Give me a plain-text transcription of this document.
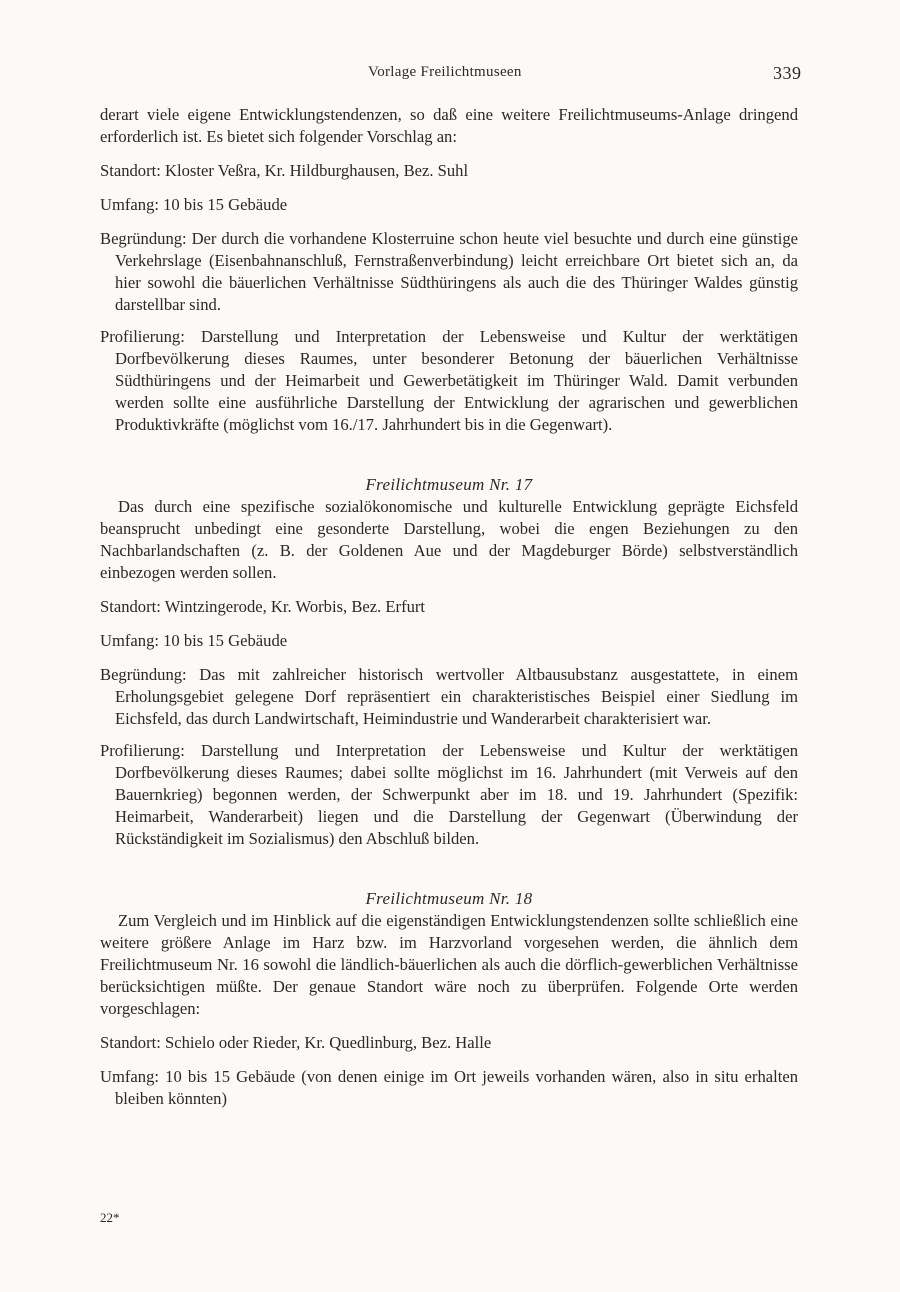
Vorlage Freilichtmuseen	339

derart viele eigene Entwicklungstendenzen, so daß eine weitere Freilichtmuseums-Anlage dringend erforderlich ist. Es bietet sich folgender Vorschlag an:

Standort: Kloster Veßra, Kr. Hildburghausen, Bez. Suhl

Umfang: 10 bis 15 Gebäude

Begründung: Der durch die vorhandene Klosterruine schon heute viel besuchte und durch eine günstige Verkehrslage (Eisenbahnanschluß, Fernstraßenverbindung) leicht erreichbare Ort bietet sich an, da hier sowohl die bäuerlichen Verhältnisse Südthüringens als auch die des Thüringer Waldes günstig darstellbar sind.

Profilierung: Darstellung und Interpretation der Lebensweise und Kultur der werktätigen Dorfbevölkerung dieses Raumes, unter besonderer Betonung der bäuerlichen Verhältnisse Südthüringens und der Heimarbeit und Gewerbetätigkeit im Thüringer Wald. Damit verbunden werden sollte eine ausführliche Darstellung der Entwicklung der agrarischen und gewerblichen Produktivkräfte (möglichst vom 16./17. Jahrhundert bis in die Gegenwart).

Freilichtmuseum Nr. 17

Das durch eine spezifische sozialökonomische und kulturelle Entwicklung geprägte Eichsfeld beansprucht unbedingt eine gesonderte Darstellung, wobei die engen Beziehungen zu den Nachbarlandschaften (z. B. der Goldenen Aue und der Magdeburger Börde) selbstverständlich einbezogen werden sollen.

Standort: Wintzingerode, Kr. Worbis, Bez. Erfurt

Umfang: 10 bis 15 Gebäude

Begründung: Das mit zahlreicher historisch wertvoller Altbausubstanz ausgestattete, in einem Erholungsgebiet gelegene Dorf repräsentiert ein charakteristisches Beispiel einer Siedlung im Eichsfeld, das durch Landwirtschaft, Heimindustrie und Wanderarbeit charakterisiert war.

Profilierung: Darstellung und Interpretation der Lebensweise und Kultur der werktätigen Dorfbevölkerung dieses Raumes; dabei sollte möglichst im 16. Jahrhundert (mit Verweis auf den Bauernkrieg) begonnen werden, der Schwerpunkt aber im 18. und 19. Jahrhundert (Spezifik: Heimarbeit, Wanderarbeit) liegen und die Darstellung der Gegenwart (Überwindung der Rückständigkeit im Sozialismus) den Abschluß bilden.

Freilichtmuseum Nr. 18

Zum Vergleich und im Hinblick auf die eigenständigen Entwicklungstendenzen sollte schließlich eine weitere größere Anlage im Harz bzw. im Harzvorland vorgesehen werden, die ähnlich dem Freilichtmuseum Nr. 16 sowohl die ländlich-bäuerlichen als auch die dörflich-gewerblichen Verhältnisse berücksichtigen müßte. Der genaue Standort wäre noch zu überprüfen. Folgende Orte werden vorgeschlagen:

Standort: Schielo oder Rieder, Kr. Quedlinburg, Bez. Halle

Umfang: 10 bis 15 Gebäude (von denen einige im Ort jeweils vorhanden wären, also in situ erhalten bleiben könnten)

22*
